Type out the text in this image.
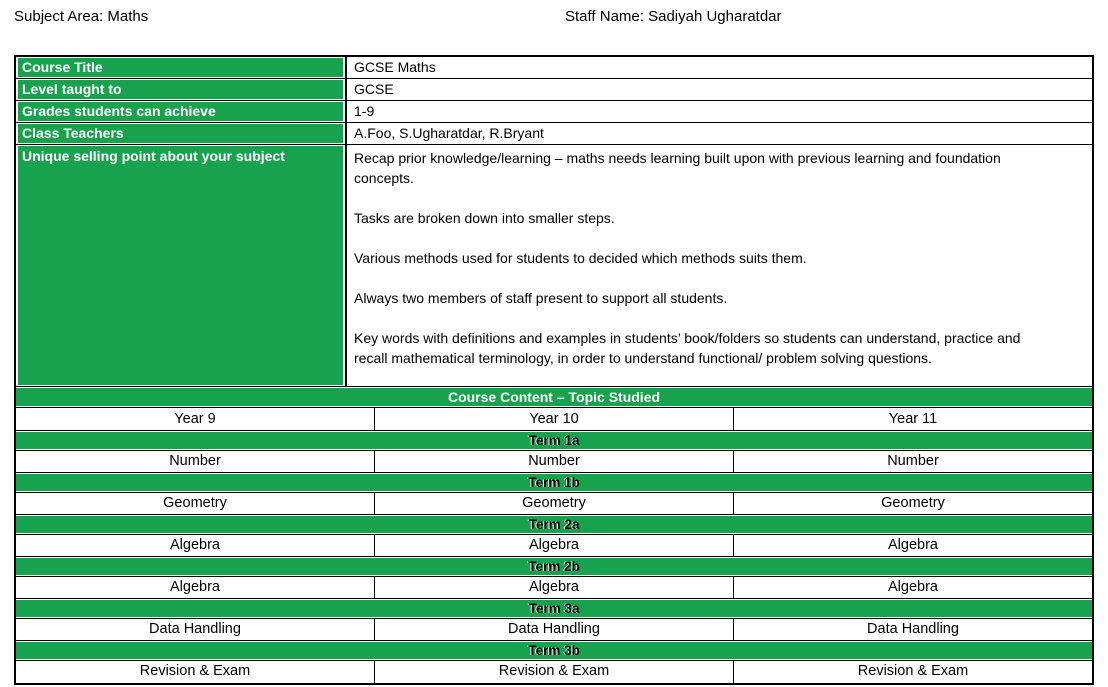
Subject Area: Maths	Staff Name: Sadiyah Ugharatdar
Course Title	GCSE Maths
Level taught to	GCSE
Grades students can achieve	1-9
Class Teachers	A.Foo, S.Ugharatdar, R.Bryant
Unique selling point about your subject	Recap prior knowledge/learning – maths needs learning built upon with previous learning and foundation concepts.

Tasks are broken down into smaller steps.

Various methods used for students to decided which methods suits them.

Always two members of staff present to support all students.

Key words with definitions and examples in students’ book/folders so students can understand, practice and recall mathematical terminology, in order to understand functional/ problem solving questions.

Course Content – Topic Studied
Year 9	Year 10	Year 11
Term 1a
Number	Number	Number
Term 1b
Geometry	Geometry	Geometry
Term 2a
Algebra	Algebra	Algebra
Term 2b
Algebra	Algebra	Algebra
Term 3a
Data Handling	Data Handling	Data Handling
Term 3b
Revision & Exam	Revision & Exam	Revision & Exam
